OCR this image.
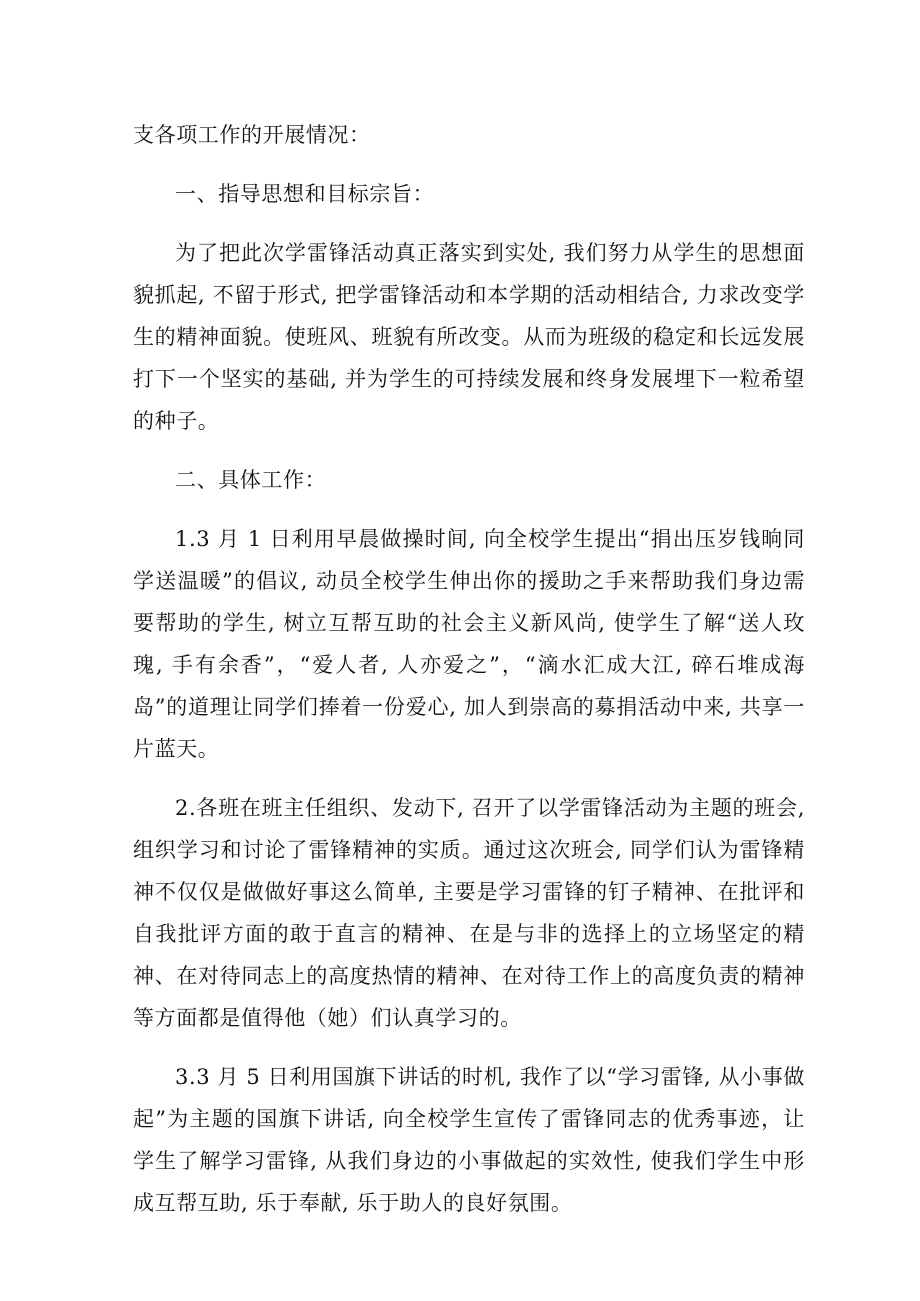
支各项工作的开展情况：

一、指导思想和目标宗旨：

为了把此次学雷锋活动真正落实到实处, 我们努力从学生的思想面貌抓起, 不留于形式, 把学雷锋活动和本学期的活动相结合, 力求改变学生的精神面貌。使班风、班貌有所改变。从而为班级的稳定和长远发展打下一个坚实的基础, 并为学生的可持续发展和终身发展埋下一粒希望的种子。

二、具体工作：

1.3 月 1 日利用早晨做操时间, 向全校学生提出“捐出压岁钱晌同学送温暖”的倡议, 动员全校学生伸出你的援助之手来帮助我们身边需要帮助的学生, 树立互帮互助的社会主义新风尚, 使学生了解“送人玫瑰, 手有余香”，“爱人者, 人亦爱之”，“滴水汇成大江, 碎石堆成海岛”的道理让同学们捧着一份爱心, 加人到崇高的募捐活动中来, 共享一片蓝天。

2.各班在班主任组织、发动下, 召开了以学雷锋活动为主题的班会, 组织学习和讨论了雷锋精神的实质。通过这次班会, 同学们认为雷锋精神不仅仅是做做好事这么简单, 主要是学习雷锋的钉子精神、在批评和自我批评方面的敢于直言的精神、在是与非的选择上的立场坚定的精神、在对待同志上的高度热情的精神、在对待工作上的高度负责的精神等方面都是值得他（她）们认真学习的。

3.3 月 5 日利用国旗下讲话的时机, 我作了以“学习雷锋, 从小事做起”为主题的国旗下讲话, 向全校学生宣传了雷锋同志的优秀事迹，让学生了解学习雷锋, 从我们身边的小事做起的实效性, 使我们学生中形成互帮互助, 乐于奉献, 乐于助人的良好氛围。
